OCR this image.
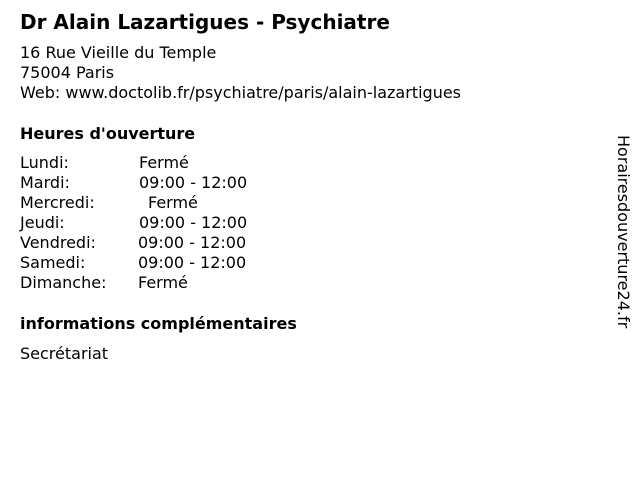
Dr Alain Lazartigues - Psychiatre
16 Rue Vieille du Temple
75004 Paris
Web: www.doctolib.fr/psychiatre/paris/alain-lazartigues
Heures d'ouverture
Lundi:	Fermé
Mardi:	09:00 - 12:00
Mercredi:	Fermé
Jeudi:	09:00 - 12:00
Vendredi:	09:00 - 12:00
Samedi:	09:00 - 12:00
Dimanche: Fermé
informations complémentaires
Secrétariat
Horairesdouverture24.fr
